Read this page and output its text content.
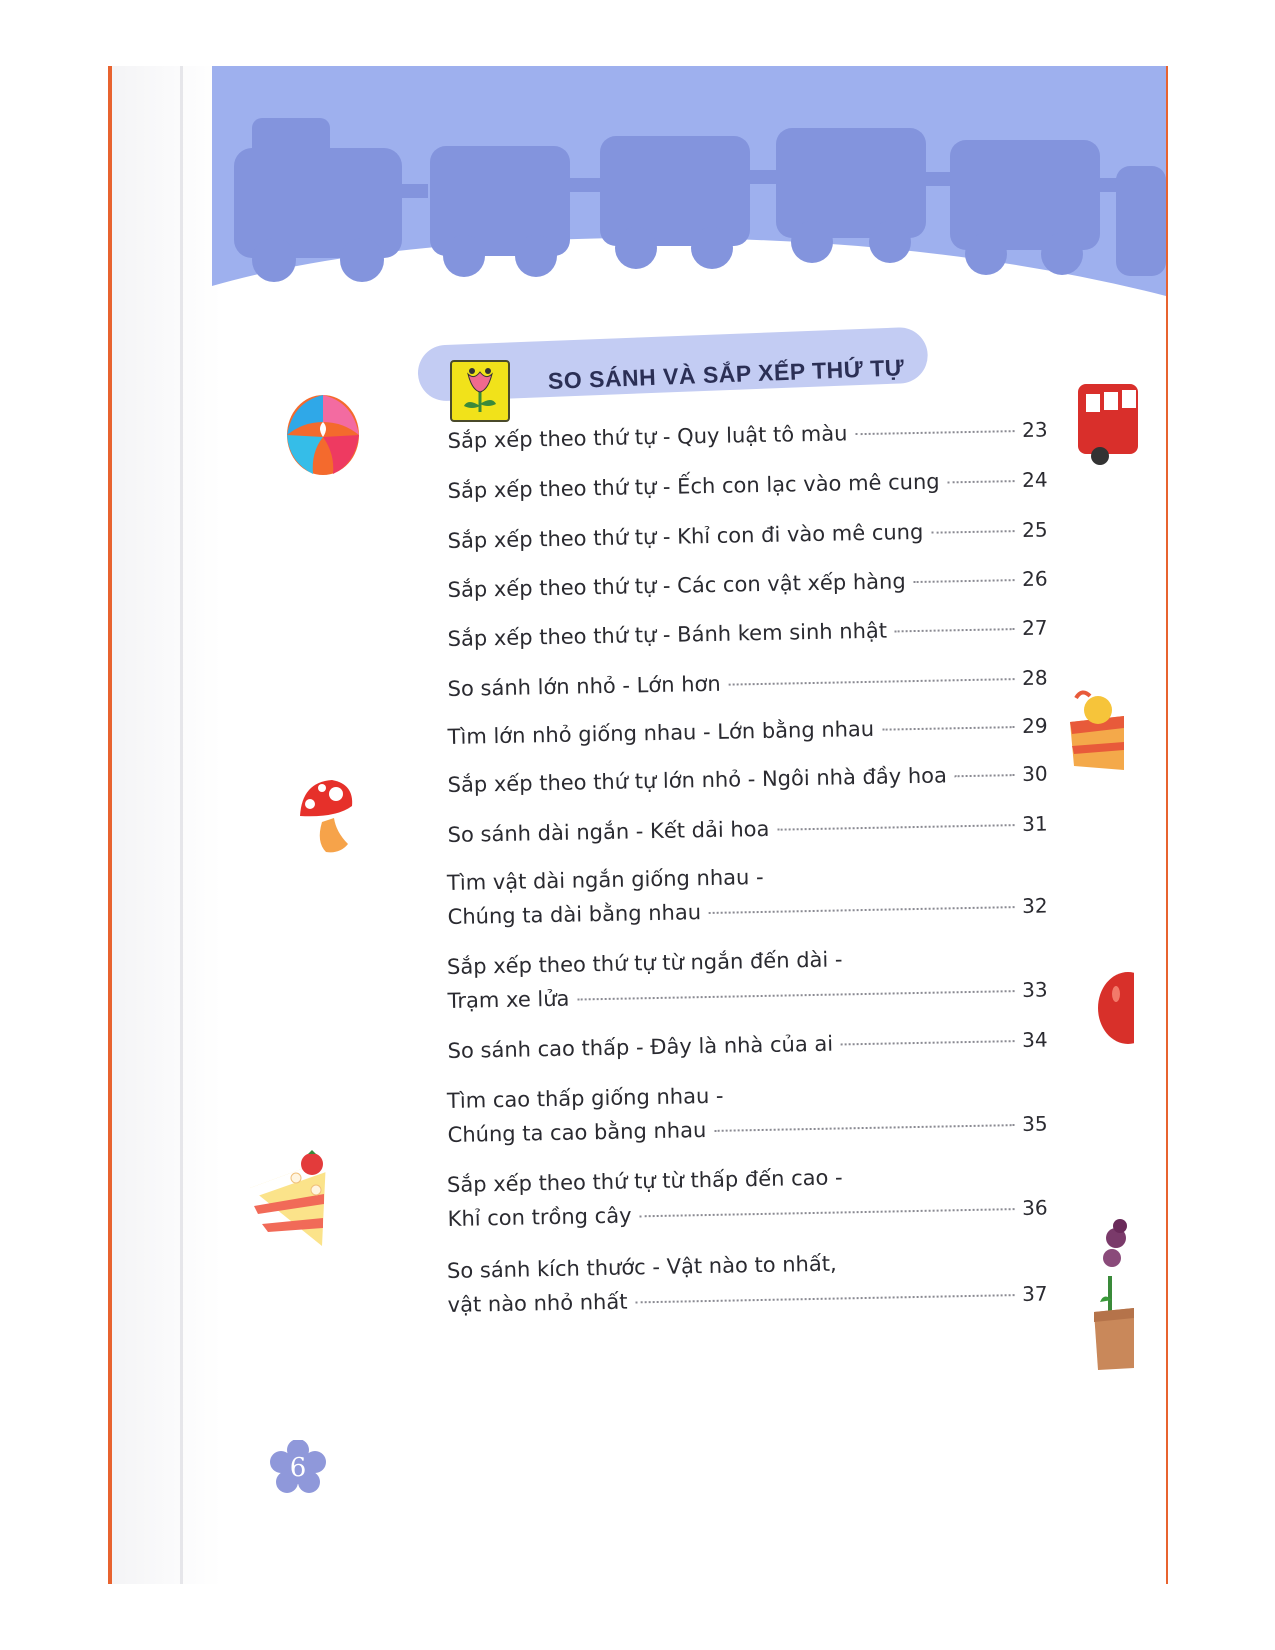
SO SÁNH VÀ SẮP XẾP THỨ TỰ
Sắp xếp theo thứ tự - Quy luật tô màu	23
Sắp xếp theo thứ tự - Ếch con lạc vào mê cung	24
Sắp xếp theo thứ tự - Khỉ con đi vào mê cung	25
Sắp xếp theo thứ tự - Các con vật xếp hàng	26
Sắp xếp theo thứ tự - Bánh kem sinh nhật	27
So sánh lớn nhỏ - Lớn hơn	28
Tìm lớn nhỏ giống nhau - Lớn bằng nhau	29
Sắp xếp theo thứ tự lớn nhỏ - Ngôi nhà đầy hoa	30
So sánh dài ngắn - Kết dải hoa	31
Tìm vật dài ngắn giống nhau -
Chúng ta dài bằng nhau	32
Sắp xếp theo thứ tự từ ngắn đến dài -
Trạm xe lửa	33
So sánh cao thấp - Đây là nhà của ai	34
Tìm cao thấp giống nhau -
Chúng ta cao bằng nhau	35
Sắp xếp theo thứ tự từ thấp đến cao -
Khỉ con trồng cây	36
So sánh kích thước - Vật nào to nhất,
vật nào nhỏ nhất	37
6
